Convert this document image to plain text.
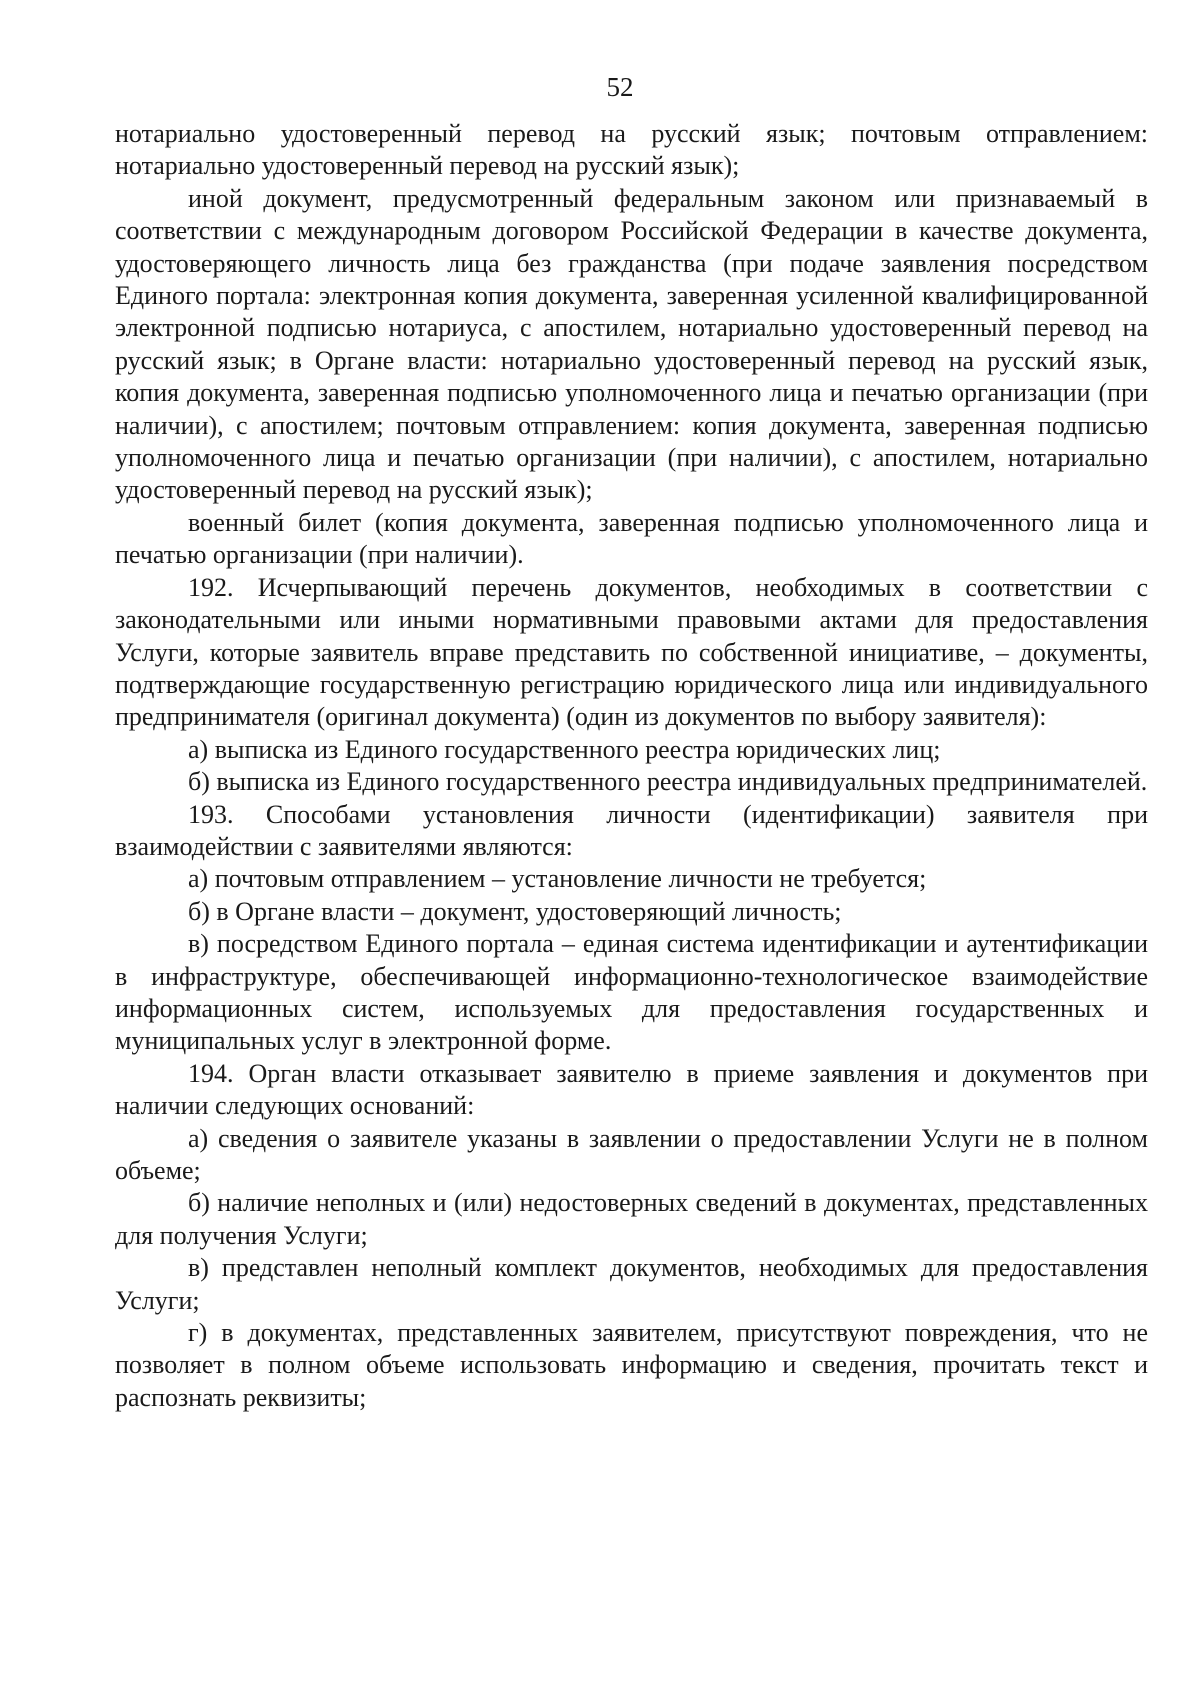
52

нотариально удостоверенный перевод на русский язык; почтовым отправлением: нотариально удостоверенный перевод на русский язык);

иной документ, предусмотренный федеральным законом или признаваемый в соответствии с международным договором Российской Федерации в качестве документа, удостоверяющего личность лица без гражданства (при подаче заявления посредством Единого портала: электронная копия документа, заверенная усиленной квалифицированной электронной подписью нотариуса, с апостилем, нотариально удостоверенный перевод на русский язык; в Органе власти: нотариально удостоверенный перевод на русский язык, копия документа, заверенная подписью уполномоченного лица и печатью организации (при наличии), с апостилем; почтовым отправлением: копия документа, заверенная подписью уполномоченного лица и печатью организации (при наличии), с апостилем, нотариально удостоверенный перевод на русский язык);

военный билет (копия документа, заверенная подписью уполномоченного лица и печатью организации (при наличии).

192. Исчерпывающий перечень документов, необходимых в соответствии с законодательными или иными нормативными правовыми актами для предоставления Услуги, которые заявитель вправе представить по собственной инициативе, – документы, подтверждающие государственную регистрацию юридического лица или индивидуального предпринимателя (оригинал документа) (один из документов по выбору заявителя):

а) выписка из Единого государственного реестра юридических лиц;

б) выписка из Единого государственного реестра индивидуальных предпринимателей.

193. Способами установления личности (идентификации) заявителя при взаимодействии с заявителями являются:

а) почтовым отправлением – установление личности не требуется;

б) в Органе власти – документ, удостоверяющий личность;

в) посредством Единого портала – единая система идентификации и аутентификации в инфраструктуре, обеспечивающей информационно-технологическое взаимодействие информационных систем, используемых для предоставления государственных и муниципальных услуг в электронной форме.

194. Орган власти отказывает заявителю в приеме заявления и документов при наличии следующих оснований:

а) сведения о заявителе указаны в заявлении о предоставлении Услуги не в полном объеме;

б) наличие неполных и (или) недостоверных сведений в документах, представленных для получения Услуги;

в) представлен неполный комплект документов, необходимых для предоставления Услуги;

г) в документах, представленных заявителем, присутствуют повреждения, что не позволяет в полном объеме использовать информацию и сведения, прочитать текст и распознать реквизиты;
